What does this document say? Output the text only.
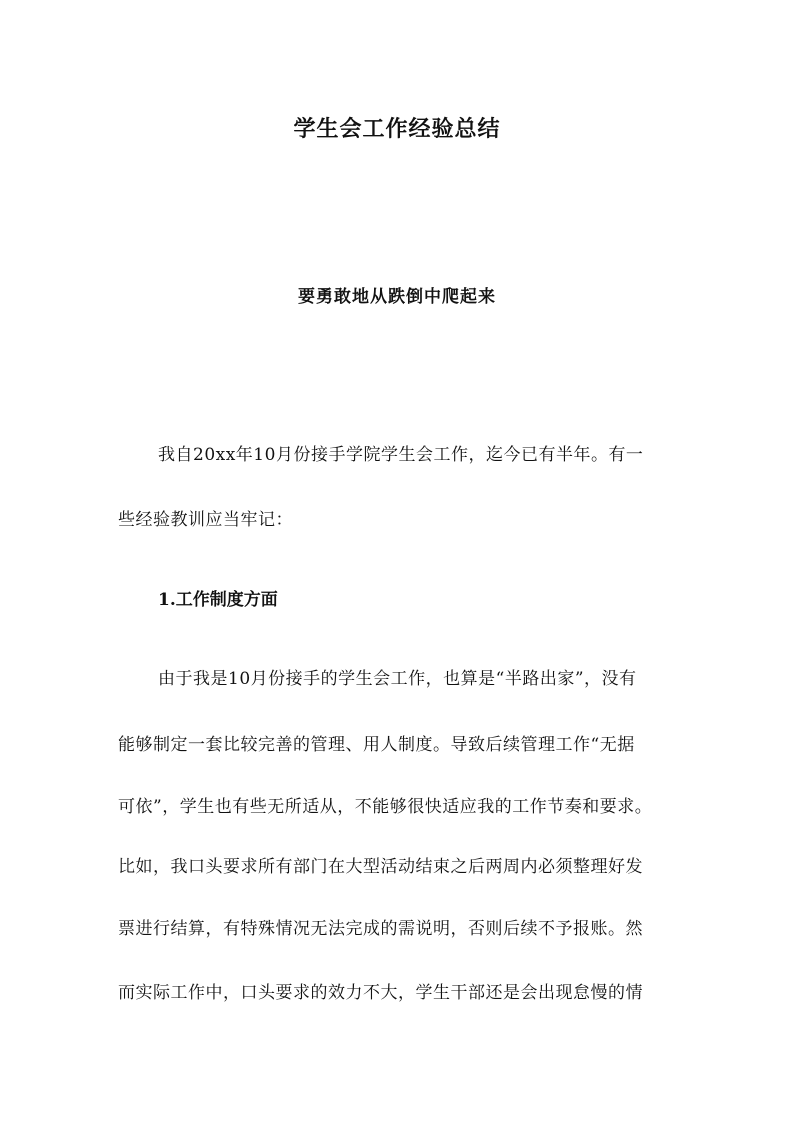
学生会工作经验总结
要勇敢地从跌倒中爬起来
我自20xx年10月份接手学院学生会工作，迄今已有半年。有一
些经验教训应当牢记：
1.工作制度方面
由于我是10月份接手的学生会工作，也算是“半路出家”，没有
能够制定一套比较完善的管理、用人制度。导致后续管理工作“无据
可依”，学生也有些无所适从，不能够很快适应我的工作节奏和要求。
比如，我口头要求所有部门在大型活动结束之后两周内必须整理好发
票进行结算，有特殊情况无法完成的需说明，否则后续不予报账。然
而实际工作中，口头要求的效力不大，学生干部还是会出现怠慢的情
